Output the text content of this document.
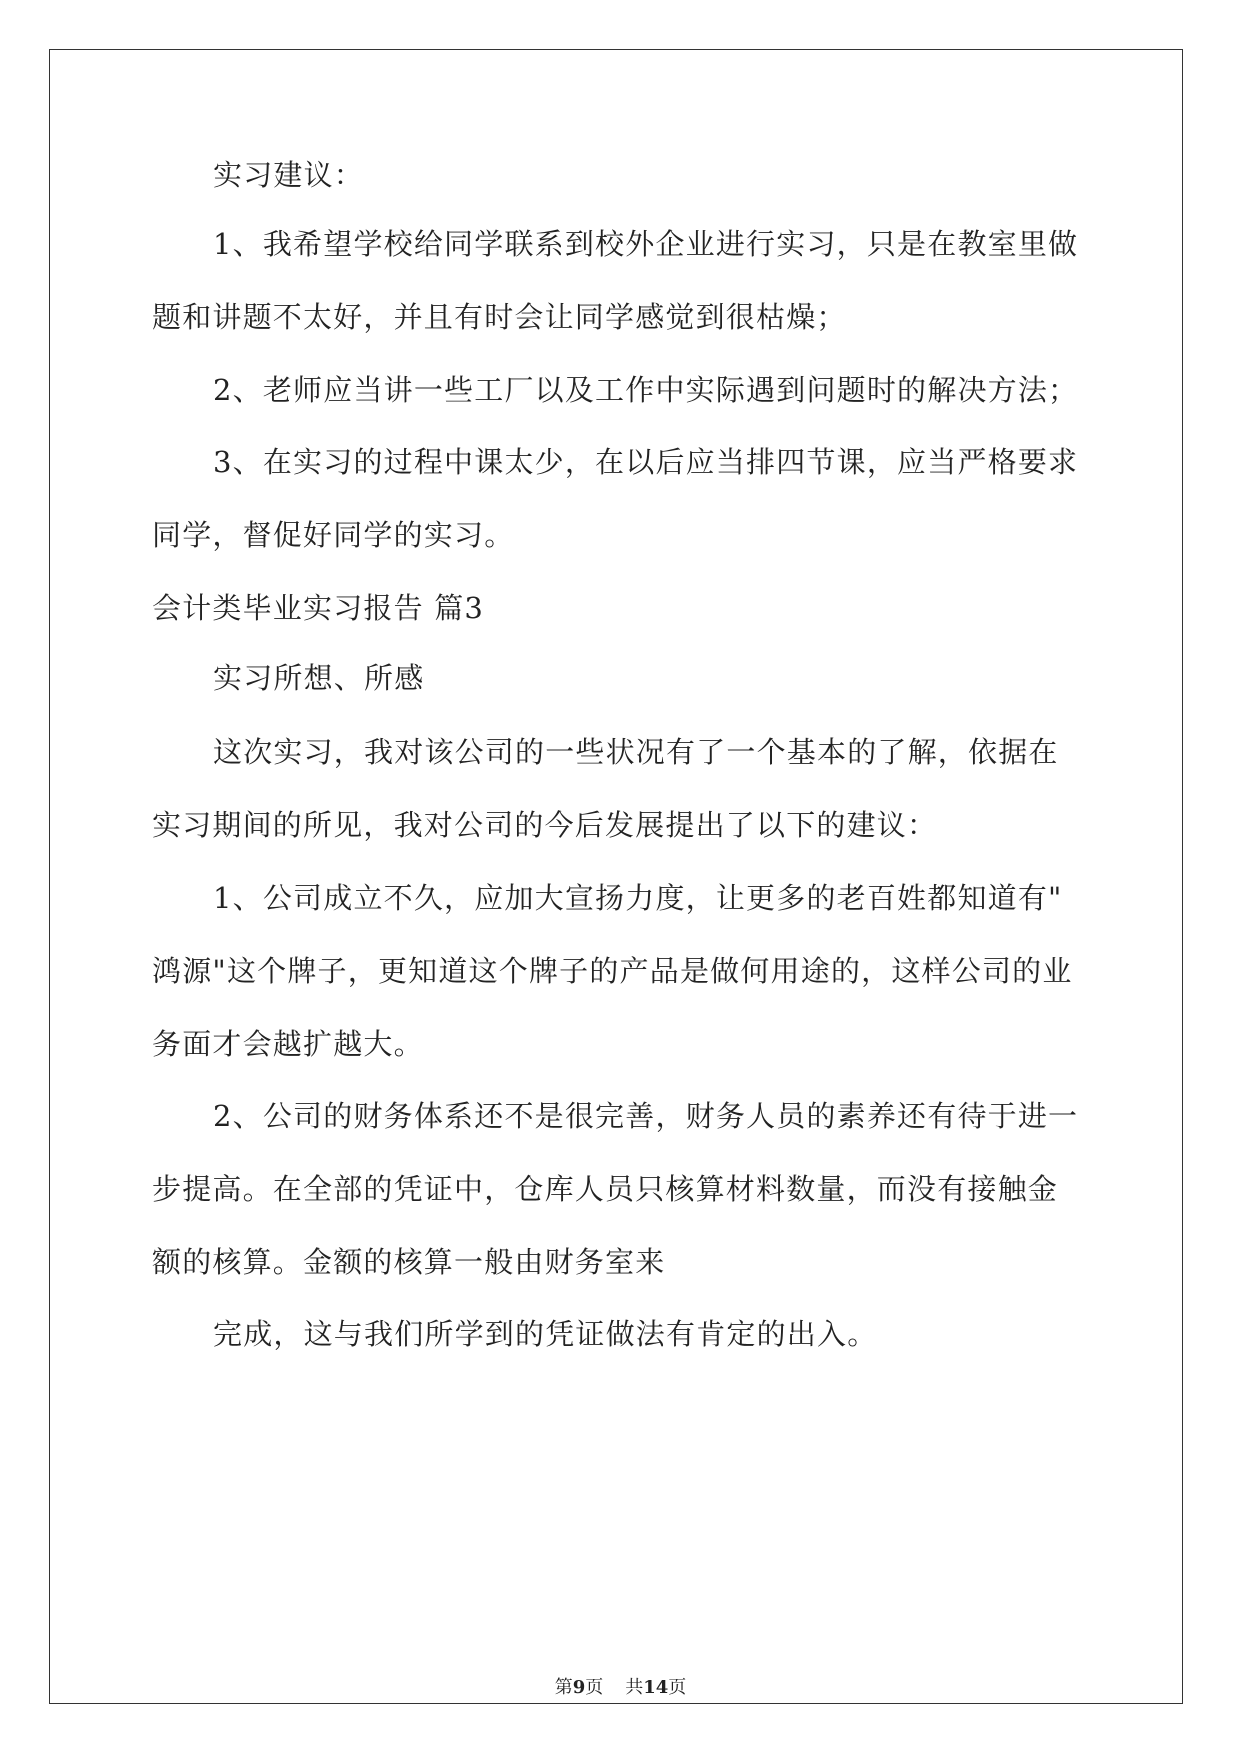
实习建议：
1、我希望学校给同学联系到校外企业进行实习，只是在教室里做
题和讲题不太好，并且有时会让同学感觉到很枯燥；
2、老师应当讲一些工厂以及工作中实际遇到问题时的解决方法；
3、在实习的过程中课太少，在以后应当排四节课，应当严格要求
同学，督促好同学的实习。
会计类毕业实习报告 篇3
实习所想、所感
这次实习，我对该公司的一些状况有了一个基本的了解，依据在
实习期间的所见，我对公司的今后发展提出了以下的建议：
1、公司成立不久，应加大宣扬力度，让更多的老百姓都知道有"
鸿源"这个牌子，更知道这个牌子的产品是做何用途的，这样公司的业
务面才会越扩越大。
2、公司的财务体系还不是很完善，财务人员的素养还有待于进一
步提高。在全部的凭证中，仓库人员只核算材料数量，而没有接触金
额的核算。金额的核算一般由财务室来
完成，这与我们所学到的凭证做法有肯定的出入。
第9页 共14页
